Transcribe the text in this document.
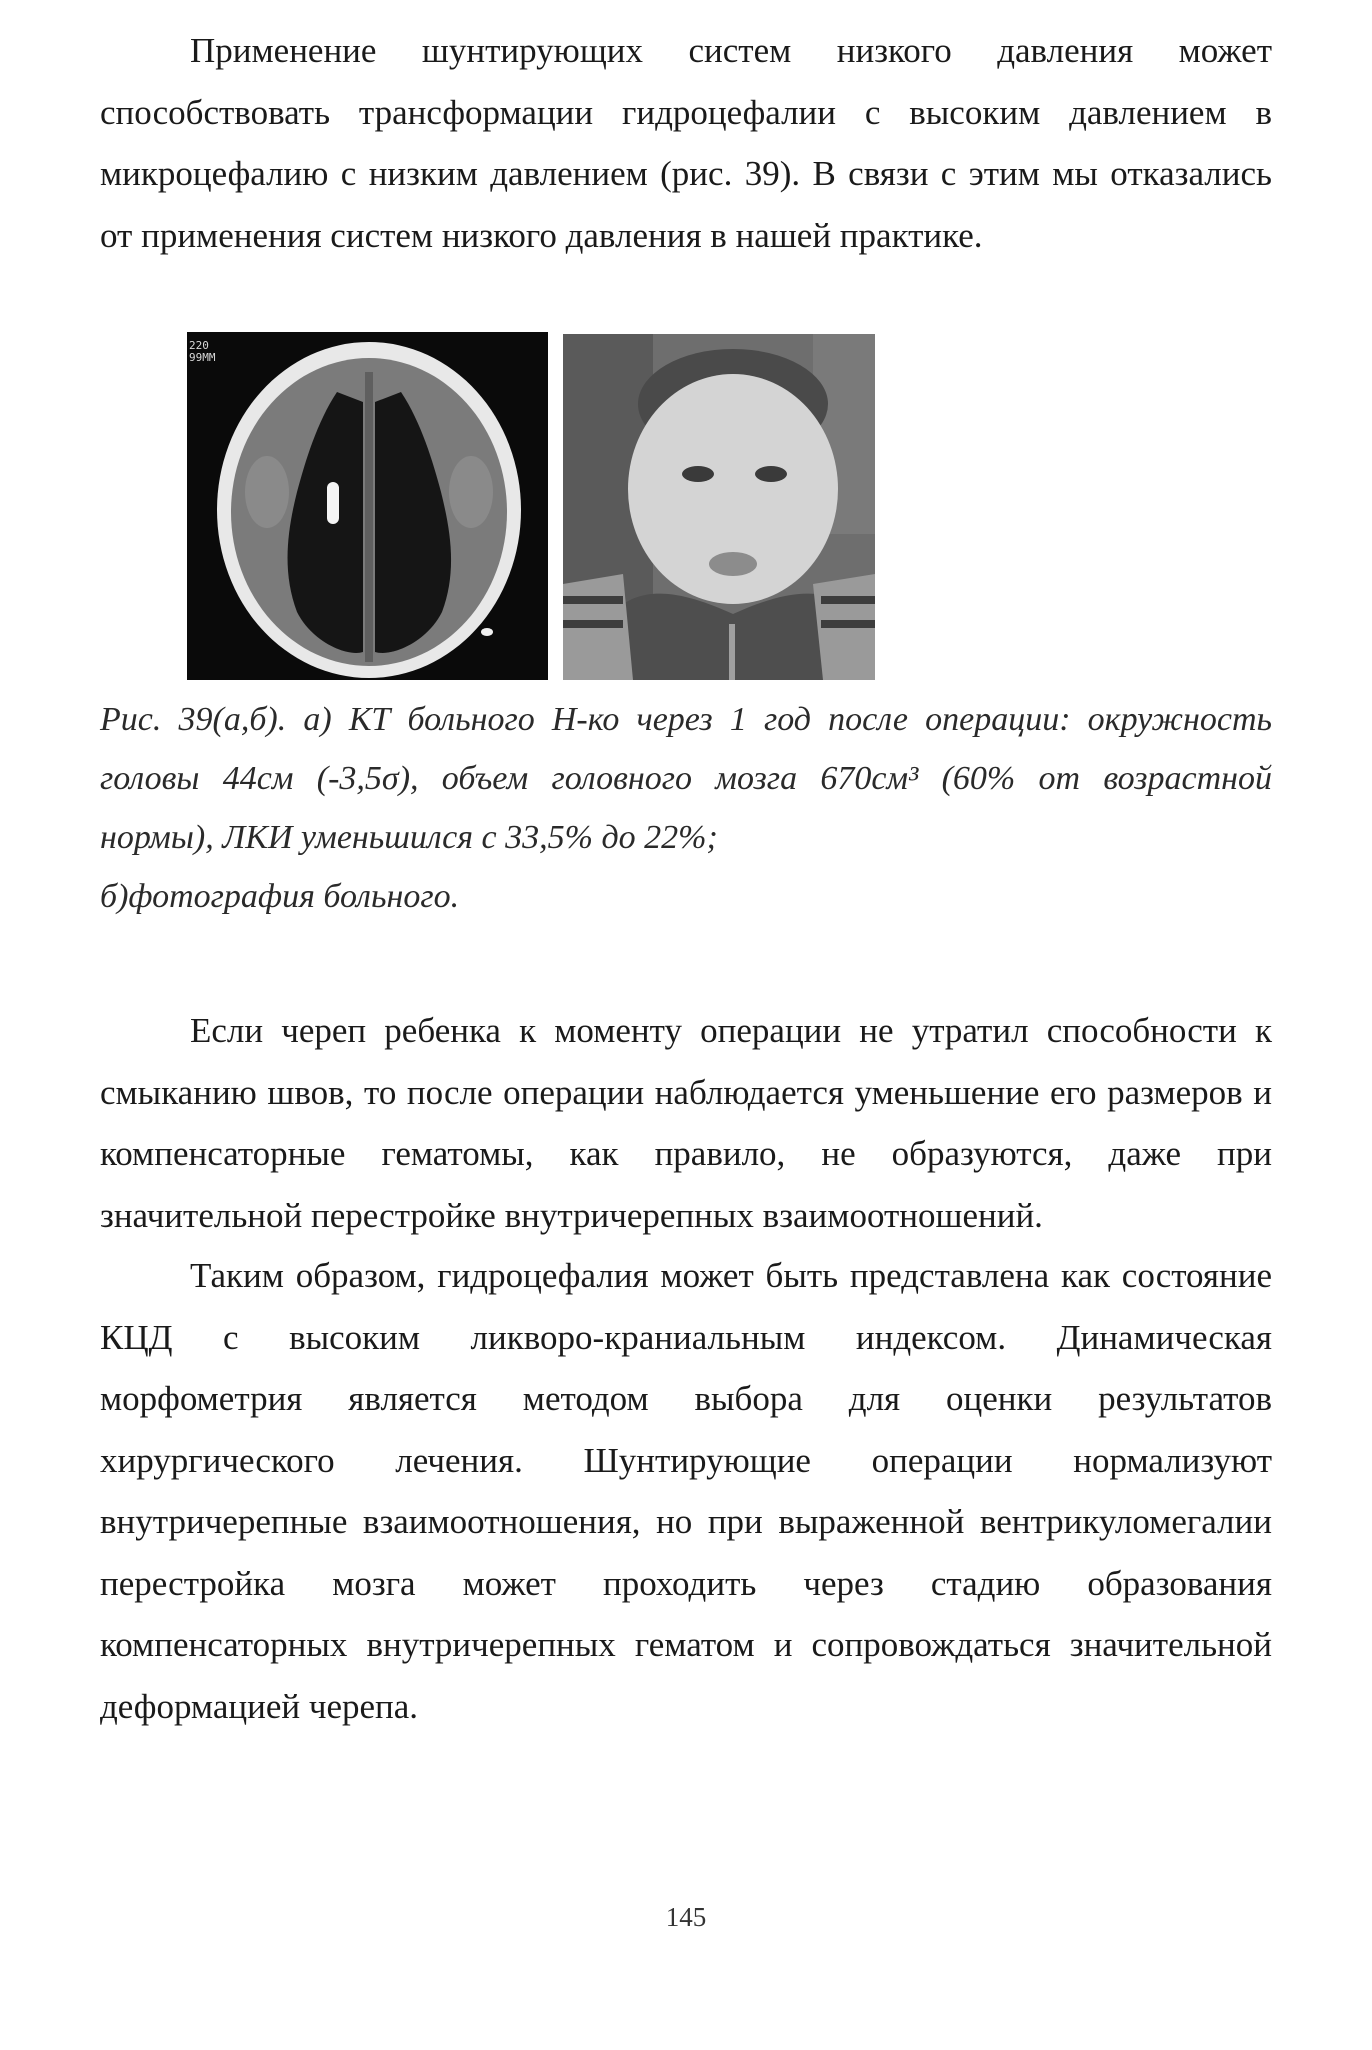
Применение шунтирующих систем низкого давления может способствовать трансформации гидроцефалии с высоким давлением в микроцефалию с низким давлением (рис. 39). В связи с этим мы отказались от применения систем низкого давления в нашей практике.

220
99MM
Рис. 39(а,б). а) КТ больного Н-ко через 1 год после операции: окружность
головы 44см (-3,5σ), объем головного мозга 670см³ (60% от возрастной
нормы), ЛКИ уменьшился с 33,5% до 22%;
б)фотография больного.

Если череп ребенка к моменту операции не утратил способности к смыканию швов, то после операции наблюдается уменьшение его размеров и компенсаторные гематомы, как правило, не образуются, даже при значительной перестройке внутричерепных взаимоотношений.

Таким образом, гидроцефалия может быть представлена как состояние КЦД с высоким ликворо-краниальным индексом. Динамическая морфометрия является методом выбора для оценки результатов хирургического лечения. Шунтирующие операции нормализуют внутричерепные взаимоотношения, но при выраженной вентрикуломегалии перестройка мозга может проходить через стадию образования компенсаторных внутричерепных гематом и сопровождаться значительной деформацией черепа.

145
